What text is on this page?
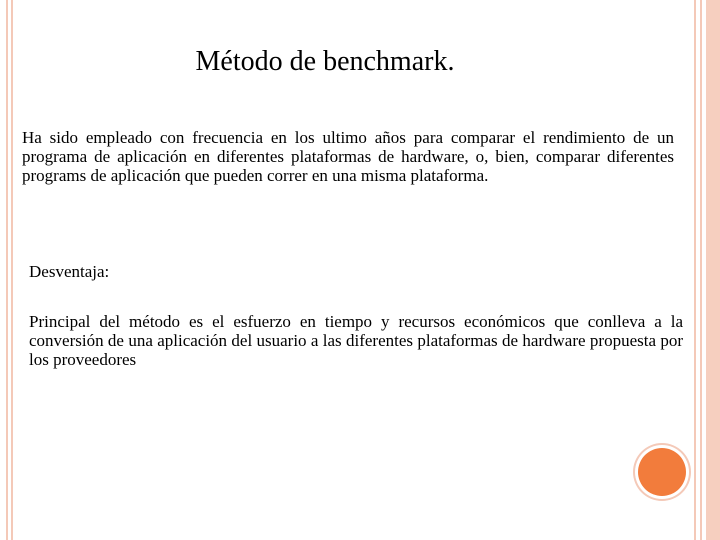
Método de benchmark.
Ha sido empleado con frecuencia en los ultimo años para comparar el rendimiento de un programa de aplicación en diferentes plataformas de hardware, o, bien, comparar diferentes programs de aplicación que pueden correr en una misma plataforma.
Desventaja:
Principal del método es el esfuerzo en tiempo y recursos económicos que conlleva a la conversión de una aplicación del usuario a las diferentes plataformas de hardware propuesta por los proveedores
